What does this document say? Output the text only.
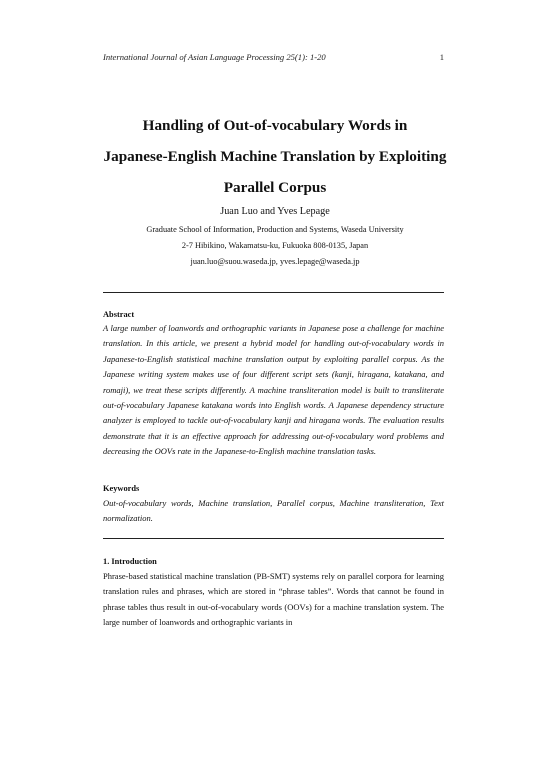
International Journal of Asian Language Processing 25(1): 1-20	1
Handling of Out-of-vocabulary Words in
Japanese-English Machine Translation by Exploiting
Parallel Corpus
Juan Luo and Yves Lepage
Graduate School of Information, Production and Systems, Waseda University
2-7 Hibikino, Wakamatsu-ku, Fukuoka 808-0135, Japan
juan.luo@suou.waseda.jp, yves.lepage@waseda.jp
Abstract
A large number of loanwords and orthographic variants in Japanese pose a challenge for machine translation. In this article, we present a hybrid model for handling out-of-vocabulary words in Japanese-to-English statistical machine translation output by exploiting parallel corpus. As the Japanese writing system makes use of four different script sets (kanji, hiragana, katakana, and romaji), we treat these scripts differently. A machine transliteration model is built to transliterate out-of-vocabulary Japanese katakana words into English words. A Japanese dependency structure analyzer is employed to tackle out-of-vocabulary kanji and hiragana words. The evaluation results demonstrate that it is an effective approach for addressing out-of-vocabulary word problems and decreasing the OOVs rate in the Japanese-to-English machine translation tasks.
Keywords
Out-of-vocabulary words, Machine translation, Parallel corpus, Machine transliteration, Text normalization.
1. Introduction
Phrase-based statistical machine translation (PB-SMT) systems rely on parallel corpora for learning translation rules and phrases, which are stored in “phrase tables”. Words that cannot be found in phrase tables thus result in out-of-vocabulary words (OOVs) for a machine translation system. The large number of loanwords and orthographic variants in
